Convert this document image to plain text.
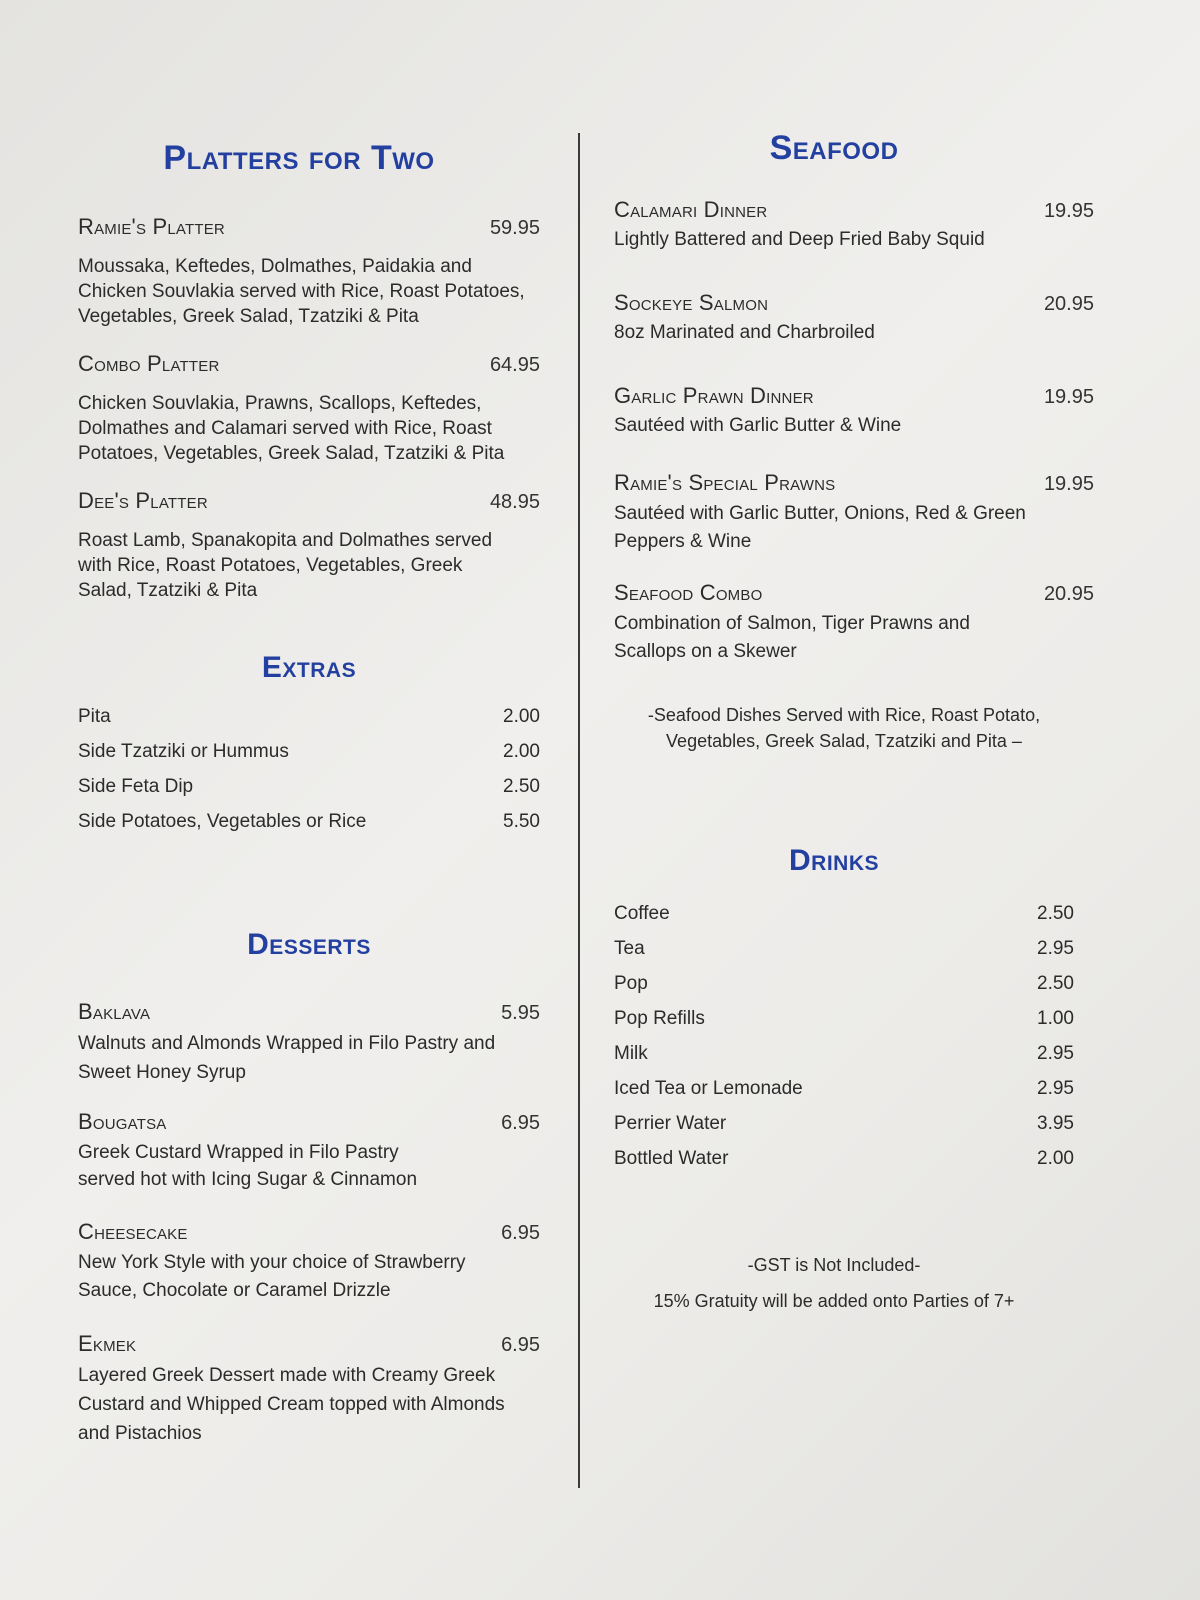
Platters for Two
Ramie's Platter	59.95
Moussaka, Keftedes, Dolmathes, Paidakia and Chicken Souvlakia served with Rice, Roast Potatoes, Vegetables, Greek Salad, Tzatziki & Pita
Combo Platter	64.95
Chicken Souvlakia, Prawns, Scallops, Keftedes, Dolmathes and Calamari served with Rice, Roast Potatoes, Vegetables, Greek Salad, Tzatziki & Pita
Dee's Platter	48.95
Roast Lamb, Spanakopita and Dolmathes served with Rice, Roast Potatoes, Vegetables, Greek Salad, Tzatziki & Pita
Extras
Pita	2.00
Side Tzatziki or Hummus	2.00
Side Feta Dip	2.50
Side Potatoes, Vegetables or Rice	5.50
Desserts
Baklava	5.95
Walnuts and Almonds Wrapped in Filo Pastry and Sweet Honey Syrup
Bougatsa	6.95
Greek Custard Wrapped in Filo Pastry served hot with Icing Sugar & Cinnamon
Cheesecake	6.95
New York Style with your choice of Strawberry Sauce, Chocolate or Caramel Drizzle
Ekmek	6.95
Layered Greek Dessert made with Creamy Greek Custard and Whipped Cream topped with Almonds and Pistachios
Seafood
Calamari Dinner	19.95
Lightly Battered and Deep Fried Baby Squid
Sockeye Salmon	20.95
8oz Marinated and Charbroiled
Garlic Prawn Dinner	19.95
Sautéed with Garlic Butter & Wine
Ramie's Special Prawns	19.95
Sautéed with Garlic Butter, Onions, Red & Green Peppers & Wine
Seafood Combo	20.95
Combination of Salmon, Tiger Prawns and Scallops on a Skewer
-Seafood Dishes Served with Rice, Roast Potato,
Vegetables, Greek Salad, Tzatziki and Pita –
Drinks
Coffee	2.50
Tea	2.95
Pop	2.50
Pop Refills	1.00
Milk	2.95
Iced Tea or Lemonade	2.95
Perrier Water	3.95
Bottled Water	2.00
-GST is Not Included-
15% Gratuity will be added onto Parties of 7+
